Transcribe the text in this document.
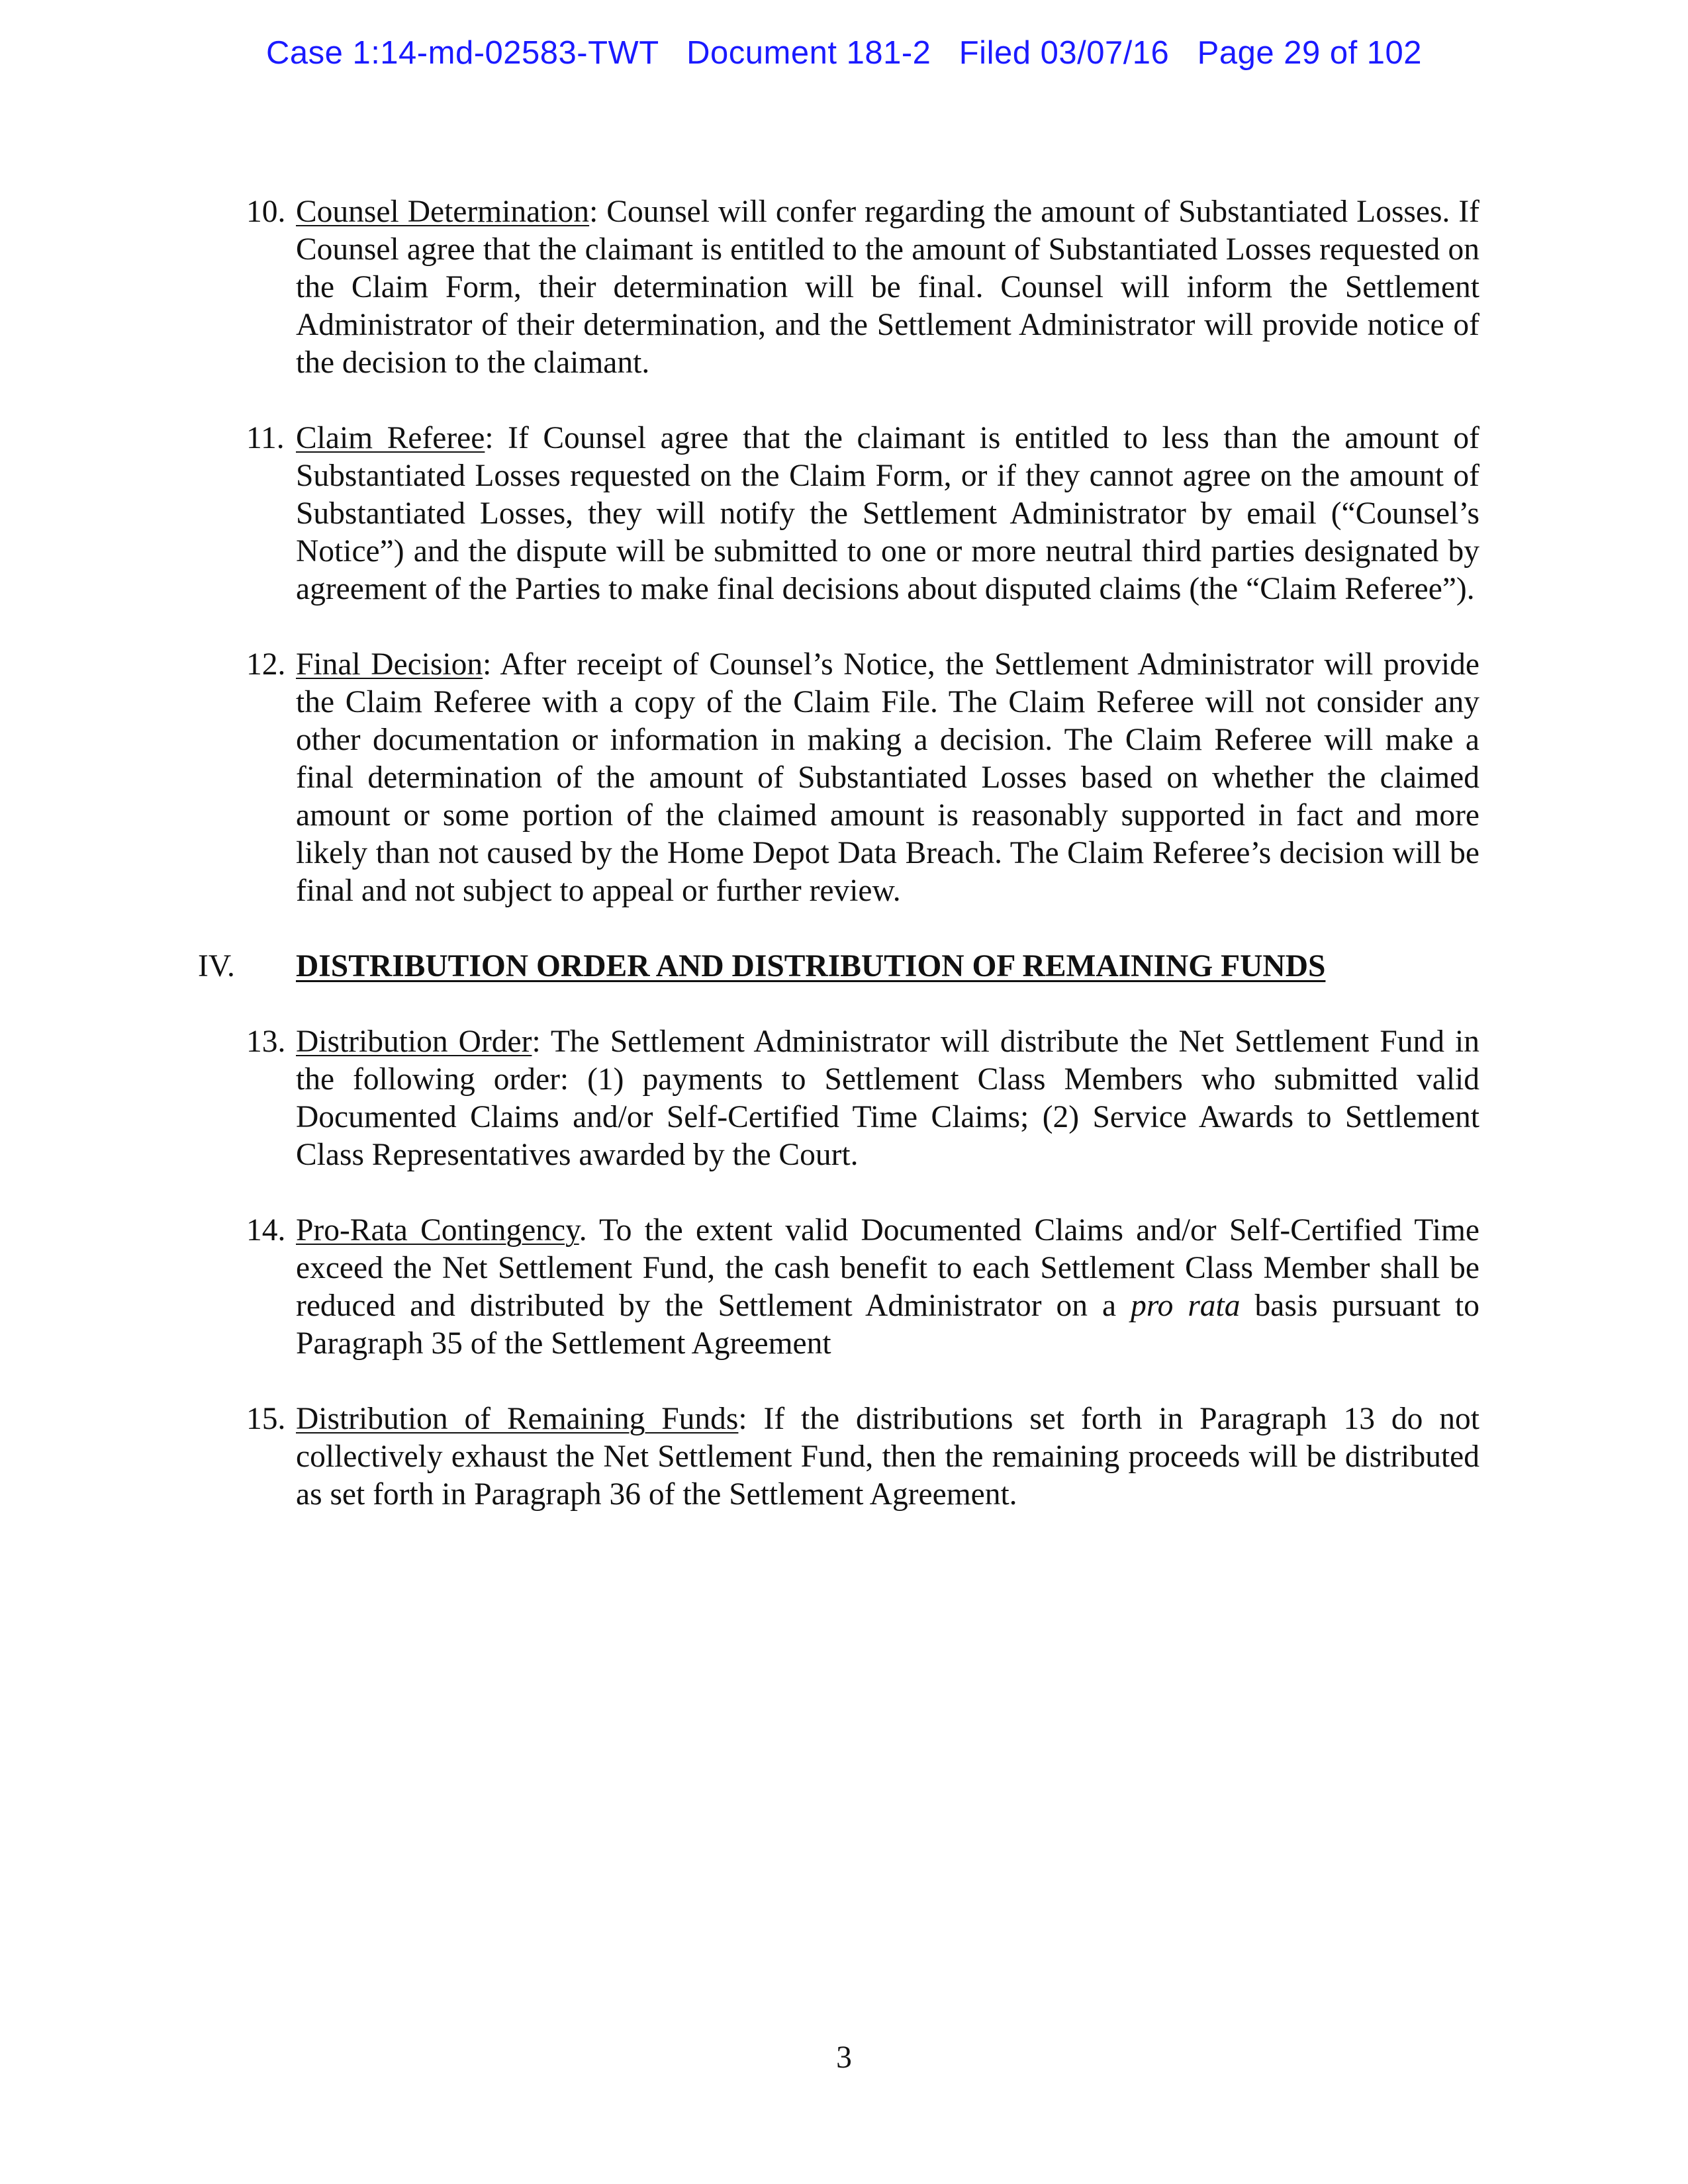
Case 1:14-md-02583-TWT   Document 181-2   Filed 03/07/16   Page 29 of 102
10. Counsel Determination: Counsel will confer regarding the amount of Substantiated Losses. If Counsel agree that the claimant is entitled to the amount of Substantiated Losses requested on the Claim Form, their determination will be final. Counsel will inform the Settlement Administrator of their determination, and the Settlement Administrator will provide notice of the decision to the claimant.
11. Claim Referee: If Counsel agree that the claimant is entitled to less than the amount of Substantiated Losses requested on the Claim Form, or if they cannot agree on the amount of Substantiated Losses, they will notify the Settlement Administrator by email (“Counsel’s Notice”) and the dispute will be submitted to one or more neutral third parties designated by agreement of the Parties to make final decisions about disputed claims (the “Claim Referee”).
12. Final Decision: After receipt of Counsel’s Notice, the Settlement Administrator will provide the Claim Referee with a copy of the Claim File. The Claim Referee will not consider any other documentation or information in making a decision. The Claim Referee will make a final determination of the amount of Substantiated Losses based on whether the claimed amount or some portion of the claimed amount is reasonably supported in fact and more likely than not caused by the Home Depot Data Breach. The Claim Referee’s decision will be final and not subject to appeal or further review.
IV. DISTRIBUTION ORDER AND DISTRIBUTION OF REMAINING FUNDS
13. Distribution Order: The Settlement Administrator will distribute the Net Settlement Fund in the following order: (1) payments to Settlement Class Members who submitted valid Documented Claims and/or Self-Certified Time Claims; (2) Service Awards to Settlement Class Representatives awarded by the Court.
14. Pro-Rata Contingency. To the extent valid Documented Claims and/or Self-Certified Time exceed the Net Settlement Fund, the cash benefit to each Settlement Class Member shall be reduced and distributed by the Settlement Administrator on a pro rata basis pursuant to Paragraph 35 of the Settlement Agreement
15. Distribution of Remaining Funds: If the distributions set forth in Paragraph 13 do not collectively exhaust the Net Settlement Fund, then the remaining proceeds will be distributed as set forth in Paragraph 36 of the Settlement Agreement.
3
